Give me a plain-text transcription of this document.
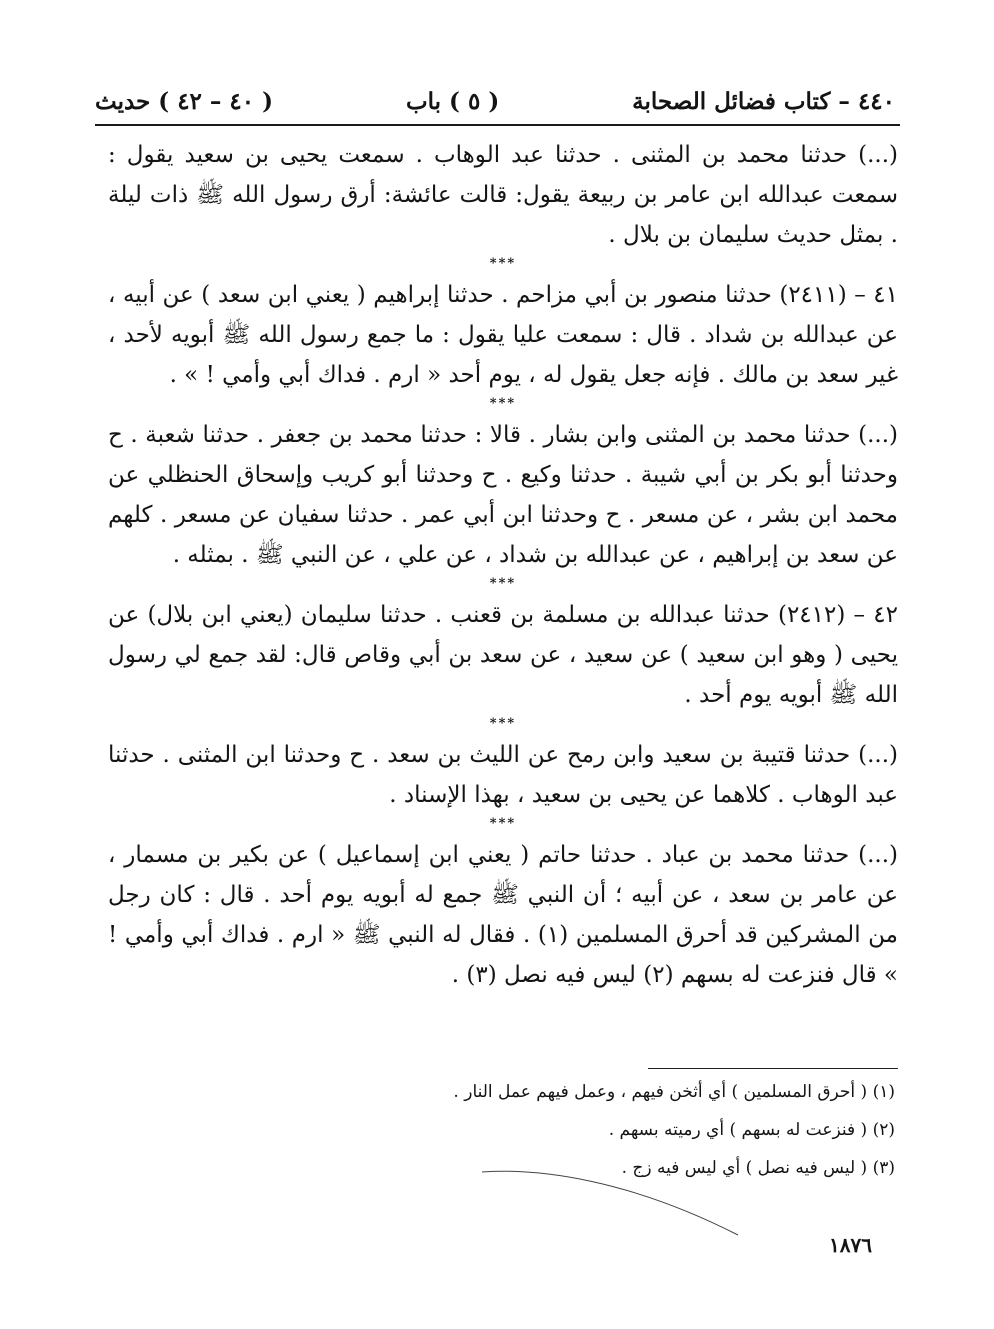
٤٤٠ – كتاب فضائل الصحابة
( ٥ ) باب
( ٤٠ – ٤٢ ) حديث

(...) حدثنا محمد بن المثنى . حدثنا عبد الوهاب . سمعت يحيى بن سعيد يقول : سمعت عبدالله ابن عامر بن ربيعة يقول: قالت عائشة: أرق رسول الله ﷺ ذات ليلة . بمثل حديث سليمان بن بلال .

***

٤١ – (٢٤١١) حدثنا منصور بن أبي مزاحم . حدثنا إبراهيم ( يعني ابن سعد ) عن أبيه ، عن عبدالله بن شداد . قال : سمعت عليا يقول : ما جمع رسول الله ﷺ أبويه لأحد ، غير سعد بن مالك . فإنه جعل يقول له ، يوم أحد « ارم . فداك أبي وأمي ! » .

***

(...) حدثنا محمد بن المثنى وابن بشار . قالا : حدثنا محمد بن جعفر . حدثنا شعبة . ح وحدثنا أبو بكر بن أبي شيبة . حدثنا وكيع . ح وحدثنا أبو كريب وإسحاق الحنظلي عن محمد ابن بشر ، عن مسعر . ح وحدثنا ابن أبي عمر . حدثنا سفيان عن مسعر . كلهم عن سعد بن إبراهيم ، عن عبدالله بن شداد ، عن علي ، عن النبي ﷺ . بمثله .

***

٤٢ – (٢٤١٢) حدثنا عبدالله بن مسلمة بن قعنب . حدثنا سليمان (يعني ابن بلال) عن يحيى ( وهو ابن سعيد ) عن سعيد ، عن سعد بن أبي وقاص قال: لقد جمع لي رسول الله ﷺ أبويه يوم أحد .

***

(...) حدثنا قتيبة بن سعيد وابن رمح عن الليث بن سعد . ح وحدثنا ابن المثنى . حدثنا عبد الوهاب . كلاهما عن يحيى بن سعيد ، بهذا الإسناد .

***

(...) حدثنا محمد بن عباد . حدثنا حاتم ( يعني ابن إسماعيل ) عن بكير بن مسمار ، عن عامر بن سعد ، عن أبيه ؛ أن النبي ﷺ جمع له أبويه يوم أحد . قال : كان رجل من المشركين قد أحرق المسلمين (١) . فقال له النبي ﷺ « ارم . فداك أبي وأمي ! » قال فنزعت له بسهم (٢) ليس فيه نصل (٣) .

(١) ( أحرق المسلمين ) أي أثخن فيهم ، وعمل فيهم عمل النار .
(٢) ( فنزعت له بسهم ) أي رميته بسهم .
(٣) ( ليس فيه نصل ) أي ليس فيه زج .
١٨٧٦
